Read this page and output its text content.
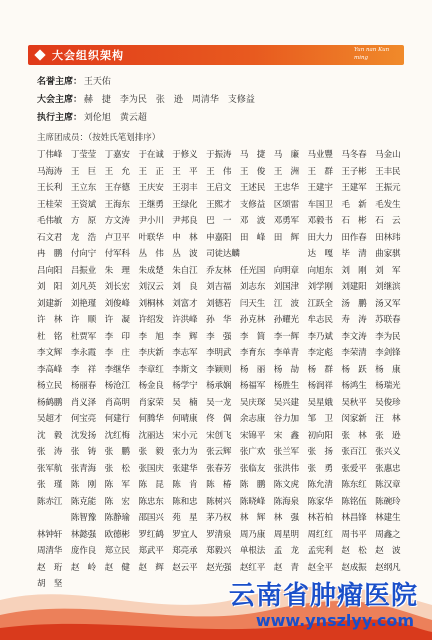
大会组织架构	Yun nan Kun ming
名誉主席： 王天佑
大会主席： 赫　捷　李为民　张　逊　周清华　支修益
执行主席： 刘伦旭　黄云超
主席团成员：（按姓氏笔划排序）
丁伟峰	丁莹莹	丁嘉安	于在诚	于修义	于振涛	马　捷	马　廉	马业豐	马冬春	马金山
马海涛	王　巨	王　允	王　正	王　平	王　伟	王　俊	王　洲	王　群	王子彬	王丰民
王长利	王立东	王存德	王庆安	王羽丰	王启文	王述民	王忠华	王建宇	王建军	王振元
王桂荣	王资斌	王海东	王继勇	王绿化	王熙才	支修益	区颂雷	车国卫	毛　新	毛发生
毛伟敏	方　原	方文涛	尹小川	尹邦良	巴　一	邓　波	邓勇军	邓毅书	石　彬	石　云
石文君	龙　浩	卢卫平	叶联华	申　林	申嘉阳	田　峰	田　辉	田大力	田作春	田林玮
冉　鹏	付向宁	付军科	丛　伟	丛　波	司徒达麟	达　嘎	毕　清	曲家骐
吕向阳	吕振业	朱　理	朱成楚	朱自江	乔友林	任光国	向明章	向旭东	刘　刚	刘　军
刘　阳	刘凡英	刘长宏	刘汉云	刘　良	刘吉福	刘志东	刘国津	刘学刚	刘建阳	刘继滨
刘建新	刘艳瑾	刘俊峰	刘桐林	刘富才	刘德若	闫天生	江　波	江跃全	汤　鹏	汤又军
许　林	许　顺	许　凝	许绍发	许洪峰	孙　华	孙克林	孙耀光	牟志民	寿　涛	苏联春
杜　铭	杜贾军	李　印	李　旭	李　辉	李　强	李　简	李一辉	李乃斌	李文涛	李为民
李文辉	李永霞	李　庄	李庆新	李志军	李明武	李育东	李单青	李定彪	李荣清	李剑锋
李高峰	李　祥	李继华	李章红	李斯文	李颖则	杨　丽	杨　劼	杨　群	杨　跃	杨　康
杨立民	杨丽春	杨沧江	杨金良	杨学宁	杨承娴	杨福军	杨胜生	杨润祥	杨鸿生	杨瑞光
杨鹤鹏	肖义泽	肖高明	肖家荣	吴　楠	吴一龙	吴庆琛	吴兴建	吴星娥	吴秋平	吴俊珍
吴超才	何宝亮	何建行	何腾华	何晴康	佟　倜	余志康	谷力加	邹　卫	闵家新	汪　林
沈　毅	沈发扬	沈红梅	沈丽达	宋小元	宋创飞	宋锦平	宋　鑫	初向阳	张　林	张　逊
张　涛	张　铸	张　鹏	张　毅	张力为	张云辉	张广欢	张兰军	张　扬	张百江	张兴义
张军航	张青海	张　松	张国庆	张建华	张春芳	张临友	张洪伟	张　勇	张爱平	张惠忠
张　瑾	陈　刚	陈　军	陈　昆	陈　肯	陈　椿	陈　鹏	陈文虎	陈允清	陈东红	陈汉章
陈赤江	陈克能	陈　宏	陈忠东	陈和忠	陈树兴	陈晓峰	陈海泉	陈家华	陈铭伍	陈碗玲
陈智豫	陈静瑜	邵国兴	苑　星	茅乃权	林　辉	林　强	林若柏	林昌锋	林建生
林钟轩	林懿强	欧德彬	罗红鹤	罗宜人	罗清泉	周乃康	周星明	周红红	周书平	周鑫之
周清华	庞作良	郑立民	郑武平	郑亮承	郑毅兴	单根法	孟　龙	孟宪利	赵　松	赵　波
赵　珩	赵　岭	赵　健	赵　辉	赵云平	赵光强	赵红平	赵　青	赵全平	赵成振	赵纲凡
胡　坚	云南省肿瘤医院
www.ynszlyy.com
